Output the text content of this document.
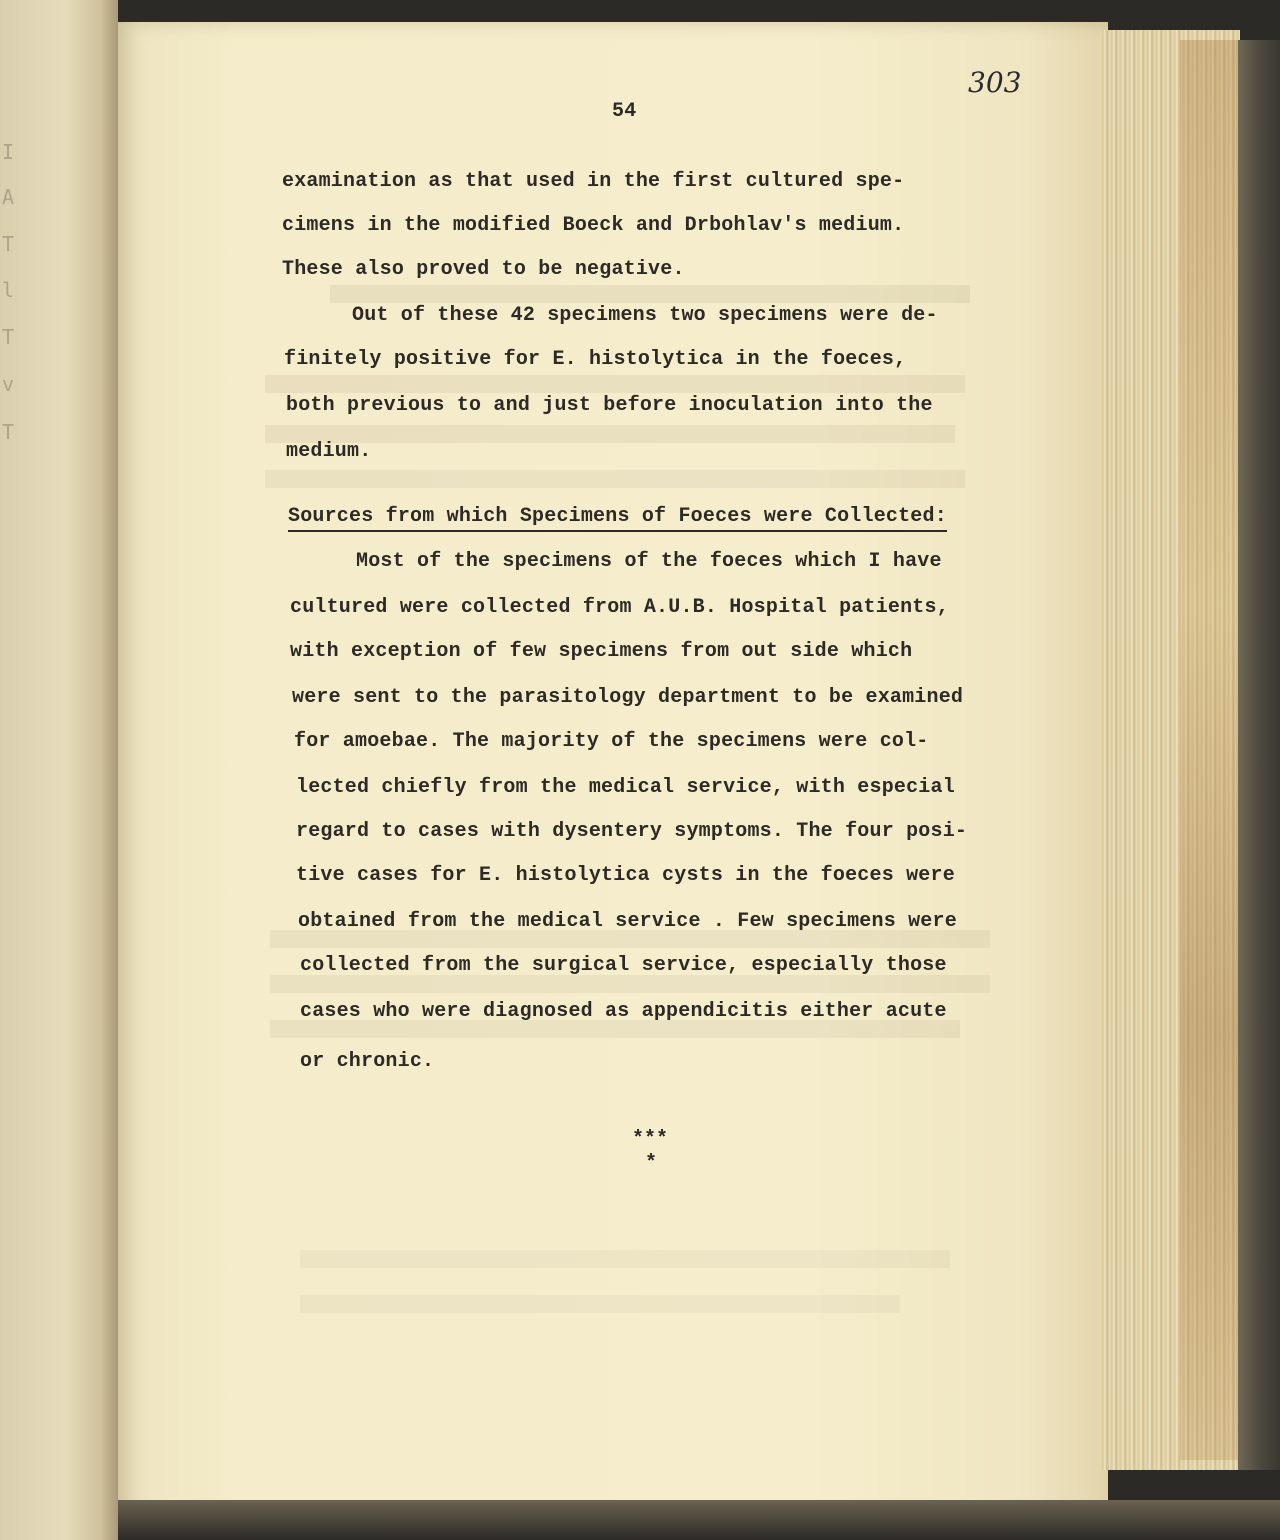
I
A
T
l
T
v
T
303
54
examination as that used in the first cultured spe-
cimens in the modified Boeck and Drbohlav's medium.
These also proved to be negative.
Out of these 42 specimens two specimens were de-
finitely positive for E. histolytica in the foeces,
both previous to and just before inoculation into the
medium.
Sources from which Specimens of Foeces were Collected:
Most of the specimens of the foeces which I have
cultured were collected from A.U.B. Hospital patients,
with exception of few specimens from out side which
were sent to the parasitology department to be examined
for amoebae. The majority of the specimens were col-
lected chiefly from the medical service, with especial
regard to cases with dysentery symptoms. The four posi-
tive cases for E. histolytica cysts in the foeces were
obtained from the medical service . Few specimens were
collected from the surgical service, especially those
cases who were diagnosed as appendicitis either acute
or chronic.
***
*
